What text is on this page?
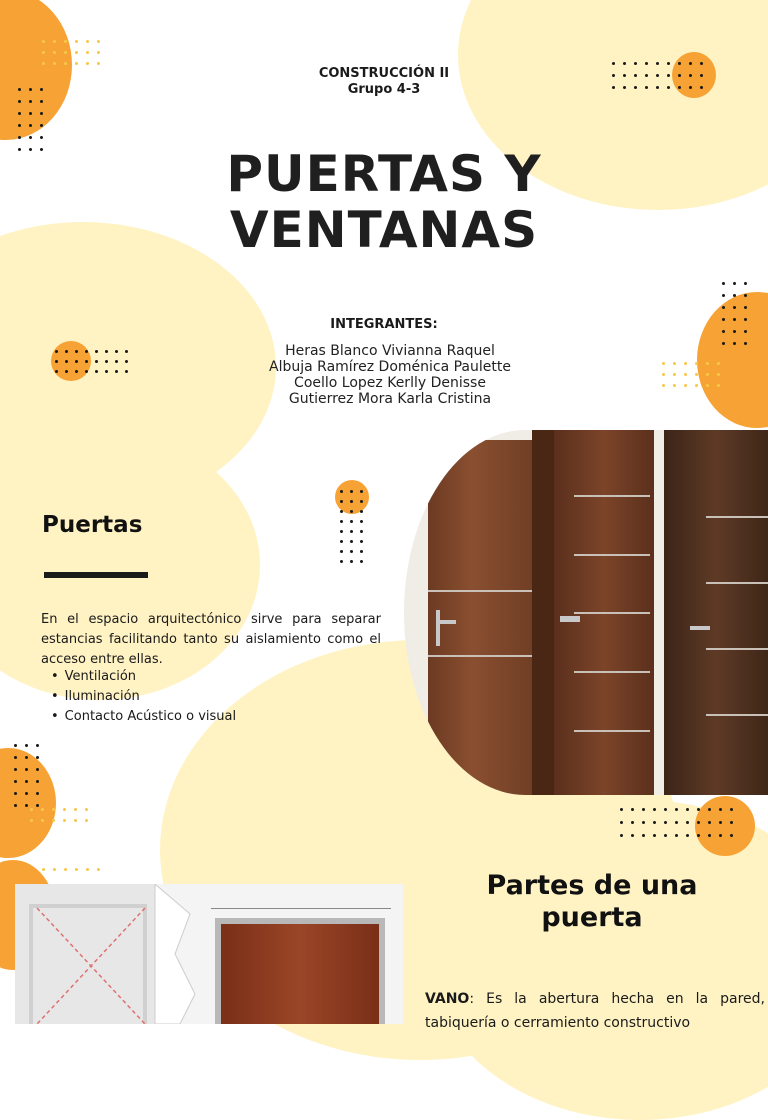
CONSTRUCCIÓN II
Grupo 4-3
PUERTAS Y
VENTANAS
INTEGRANTES:
Heras Blanco Vivianna Raquel
Albuja Ramírez Doménica Paulette
Coello Lopez Kerlly Denisse
Gutierrez Mora Karla Cristina
Puertas
En el espacio arquitectónico sirve para separar estancias facilitando tanto su aislamiento como el acceso entre ellas.
• Ventilación
• Iluminación
• Contacto Acústico o visual
Partes de una puerta
VANO: Es la abertura hecha en la pared, tabiquería o cerramiento constructivo
